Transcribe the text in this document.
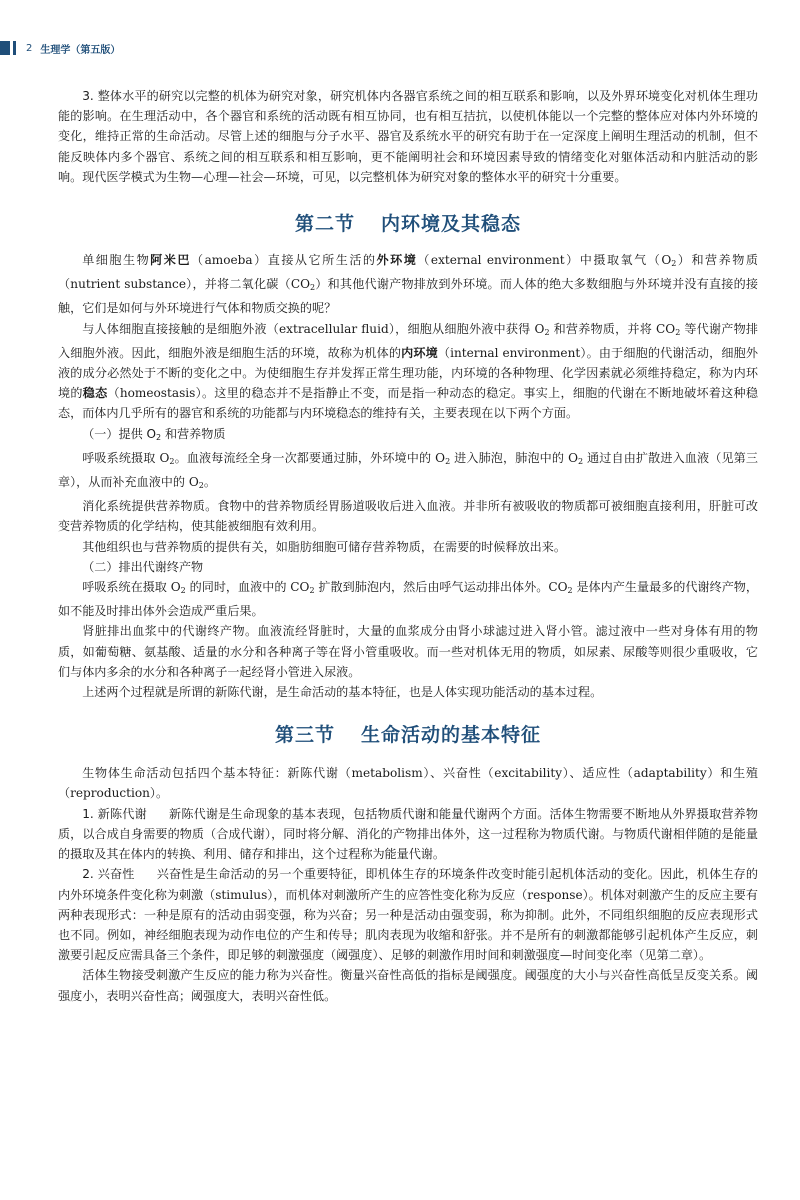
2 生理学（第五版）

3. 整体水平的研究以完整的机体为研究对象，研究机体内各器官系统之间的相互联系和影响，以及外界环境变化对机体生理功能的影响。在生理活动中，各个器官和系统的活动既有相互协同，也有相互拮抗，以使机体能以一个完整的整体应对体内外环境的变化，维持正常的生命活动。尽管上述的细胞与分子水平、器官及系统水平的研究有助于在一定深度上阐明生理活动的机制，但不能反映体内多个器官、系统之间的相互联系和相互影响，更不能阐明社会和环境因素导致的情绪变化对躯体活动和内脏活动的影响。现代医学模式为生物—心理—社会—环境，可见，以完整机体为研究对象的整体水平的研究十分重要。

第二节 内环境及其稳态

单细胞生物阿米巴（amoeba）直接从它所生活的外环境（external environment）中摄取氧气$(O_2)$和营养物质（nutrient substance），并将二氧化碳$(CO_2)$和其他代谢产物排放到外环境。而人体的绝大多数细胞与外环境并没有直接的接触，它们是如何与外环境进行气体和物质交换的呢？

与人体细胞直接接触的是细胞外液（extracellular fluid），细胞从细胞外液中获得 $O_2$ 和营养物质，并将 $CO_2$ 等代谢产物排入细胞外液。因此，细胞外液是细胞生活的环境，故称为机体的内环境（internal environment）。由于细胞的代谢活动，细胞外液的成分必然处于不断的变化之中。为使细胞生存并发挥正常生理功能，内环境的各种物理、化学因素就必须维持稳定，称为内环境的稳态（homeostasis）。这里的稳态并不是指静止不变，而是指一种动态的稳定。事实上，细胞的代谢在不断地破坏着这种稳态，而体内几乎所有的器官和系统的功能都与内环境稳态的维持有关，主要表现在以下两个方面。

（一）提供 $O_2$ 和营养物质

呼吸系统摄取 $O_2$。血液每流经全身一次都要通过肺，外环境中的 $O_2$ 进入肺泡，肺泡中的 $O_2$ 通过自由扩散进入血液（见第三章），从而补充血液中的 $O_2$。

消化系统提供营养物质。食物中的营养物质经胃肠道吸收后进入血液。并非所有被吸收的物质都可被细胞直接利用，肝脏可改变营养物质的化学结构，使其能被细胞有效利用。

其他组织也与营养物质的提供有关，如脂肪细胞可储存营养物质，在需要的时候释放出来。

（二）排出代谢终产物

呼吸系统在摄取 $O_2$ 的同时，血液中的 $CO_2$ 扩散到肺泡内，然后由呼气运动排出体外。$CO_2$ 是体内产生量最多的代谢终产物，如不能及时排出体外会造成严重后果。

肾脏排出血浆中的代谢终产物。血液流经肾脏时，大量的血浆成分由肾小球滤过进入肾小管。滤过液中一些对身体有用的物质，如葡萄糖、氨基酸、适量的水分和各种离子等在肾小管重吸收。而一些对机体无用的物质，如尿素、尿酸等则很少重吸收，它们与体内多余的水分和各种离子一起经肾小管进入尿液。

上述两个过程就是所谓的新陈代谢，是生命活动的基本特征，也是人体实现功能活动的基本过程。

第三节 生命活动的基本特征

生物体生命活动包括四个基本特征：新陈代谢（metabolism）、兴奋性（excitability）、适应性（adaptability）和生殖（reproduction）。

1. 新陈代谢 新陈代谢是生命现象的基本表现，包括物质代谢和能量代谢两个方面。活体生物需要不断地从外界摄取营养物质，以合成自身需要的物质（合成代谢），同时将分解、消化的产物排出体外，这一过程称为物质代谢。与物质代谢相伴随的是能量的摄取及其在体内的转换、利用、储存和排出，这个过程称为能量代谢。

2. 兴奋性 兴奋性是生命活动的另一个重要特征，即机体生存的环境条件改变时能引起机体活动的变化。因此，机体生存的内外环境条件变化称为刺激（stimulus），而机体对刺激所产生的应答性变化称为反应（response）。机体对刺激产生的反应主要有两种表现形式：一种是原有的活动由弱变强，称为兴奋；另一种是活动由强变弱，称为抑制。此外，不同组织细胞的反应表现形式也不同。例如，神经细胞表现为动作电位的产生和传导；肌肉表现为收缩和舒张。并不是所有的刺激都能够引起机体产生反应，刺激要引起反应需具备三个条件，即足够的刺激强度（阈强度）、足够的刺激作用时间和刺激强度—时间变化率（见第二章）。

活体生物接受刺激产生反应的能力称为兴奋性。衡量兴奋性高低的指标是阈强度。阈强度的大小与兴奋性高低呈反变关系。阈强度小，表明兴奋性高；阈强度大，表明兴奋性低。
